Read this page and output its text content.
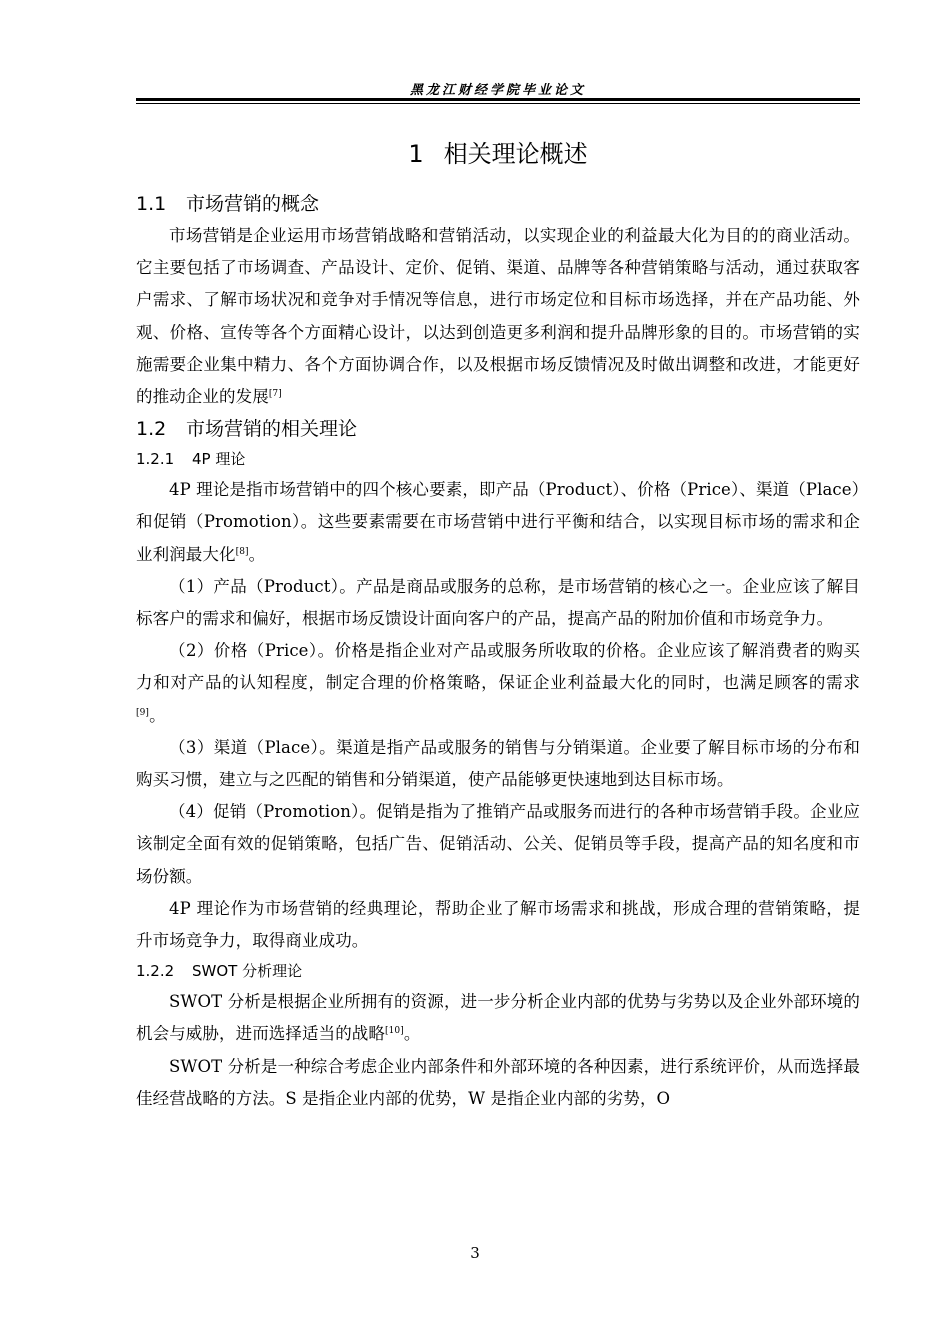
黑龙江财经学院毕业论文
1 相关理论概述
1.1 市场营销的概念

市场营销是企业运用市场营销战略和营销活动，以实现企业的利益最大化为目的的商业活动。它主要包括了市场调查、产品设计、定价、促销、渠道、品牌等各种营销策略与活动，通过获取客户需求、了解市场状况和竞争对手情况等信息，进行市场定位和目标市场选择，并在产品功能、外观、价格、宣传等各个方面精心设计，以达到创造更多利润和提升品牌形象的目的。市场营销的实施需要企业集中精力、各个方面协调合作，以及根据市场反馈情况及时做出调整和改进，才能更好的推动企业的发展[7]

1.2 市场营销的相关理论
1.2.1 4P 理论

4P 理论是指市场营销中的四个核心要素，即产品（Product）、价格（Price）、渠道（Place）和促销（Promotion）。这些要素需要在市场营销中进行平衡和结合，以实现目标市场的需求和企业利润最大化[8]。

（1）产品（Product）。产品是商品或服务的总称，是市场营销的核心之一。企业应该了解目标客户的需求和偏好，根据市场反馈设计面向客户的产品，提高产品的附加价值和市场竞争力。

（2）价格（Price）。价格是指企业对产品或服务所收取的价格。企业应该了解消费者的购买力和对产品的认知程度，制定合理的价格策略，保证企业利益最大化的同时，也满足顾客的需求[9]。

（3）渠道（Place）。渠道是指产品或服务的销售与分销渠道。企业要了解目标市场的分布和购买习惯，建立与之匹配的销售和分销渠道，使产品能够更快速地到达目标市场。

（4）促销（Promotion）。促销是指为了推销产品或服务而进行的各种市场营销手段。企业应该制定全面有效的促销策略，包括广告、促销活动、公关、促销员等手段，提高产品的知名度和市场份额。

4P 理论作为市场营销的经典理论，帮助企业了解市场需求和挑战，形成合理的营销策略，提升市场竞争力，取得商业成功。

1.2.2 SWOT 分析理论

SWOT 分析是根据企业所拥有的资源，进一步分析企业内部的优势与劣势以及企业外部环境的机会与威胁，进而选择适当的战略[10]。

SWOT 分析是一种综合考虑企业内部条件和外部环境的各种因素，进行系统评价，从而选择最佳经营战略的方法。S 是指企业内部的优势，W 是指企业内部的劣势，O

3
